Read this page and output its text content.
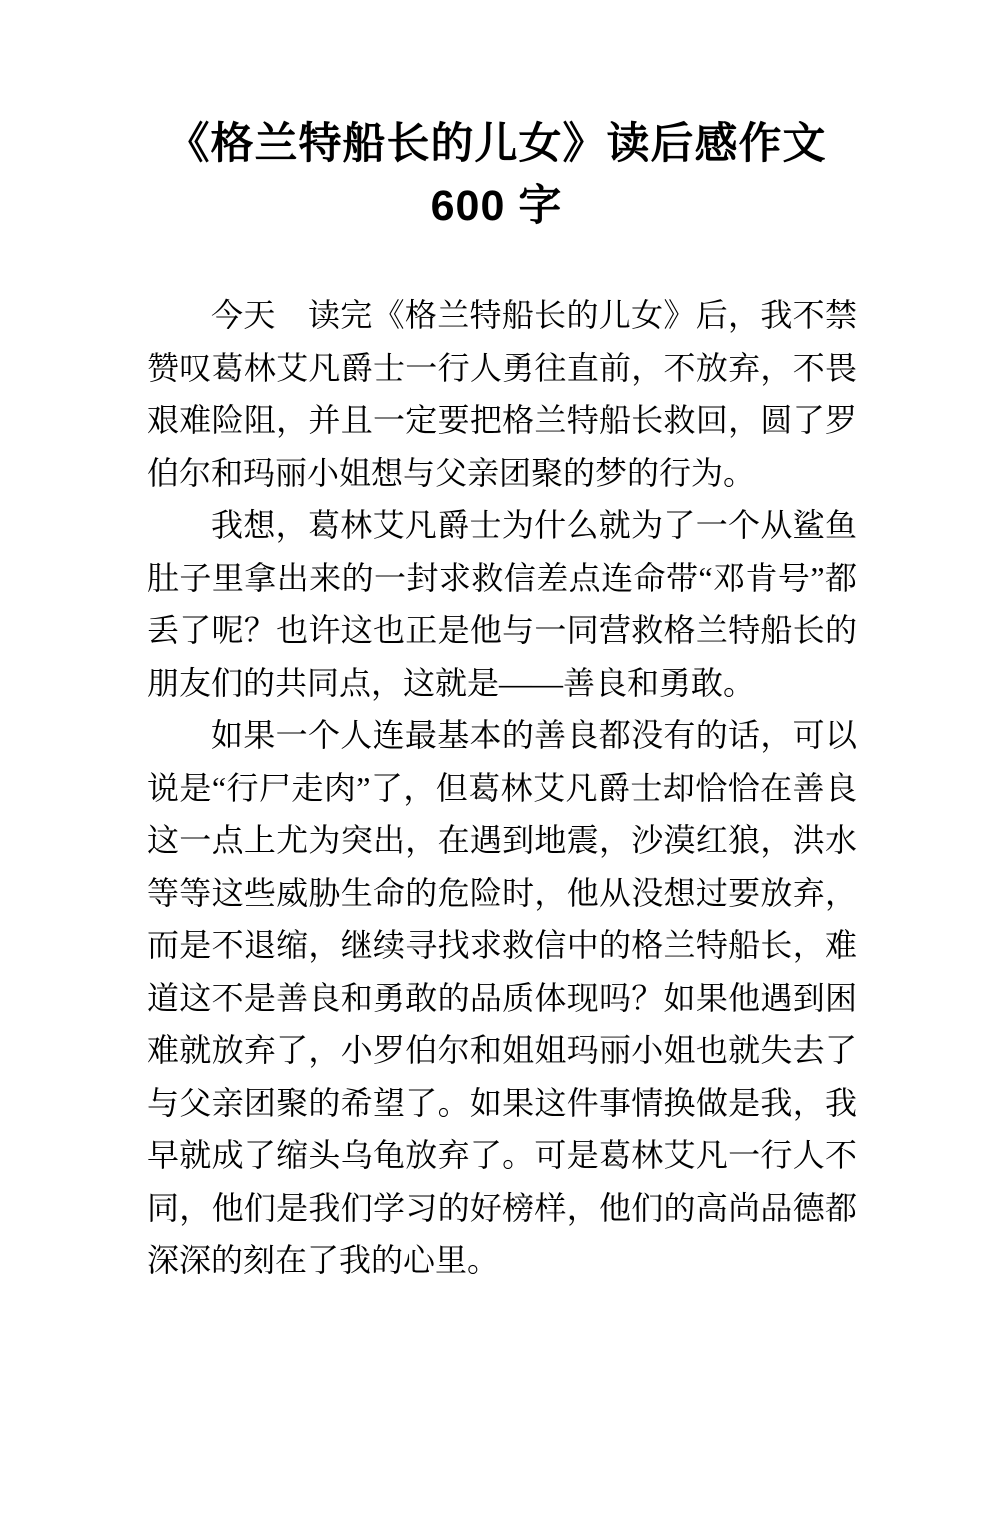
《格兰特船长的儿女》读后感作文
600 字

今天　读完《格兰特船长的儿女》后，我不禁赞叹葛林艾凡爵士一行人勇往直前，不放弃，不畏艰难险阻，并且一定要把格兰特船长救回，圆了罗伯尔和玛丽小姐想与父亲团聚的梦的行为。

我想，葛林艾凡爵士为什么就为了一个从鲨鱼肚子里拿出来的一封求救信差点连命带“邓肯号”都丢了呢？也许这也正是他与一同营救格兰特船长的朋友们的共同点，这就是——善良和勇敢。

如果一个人连最基本的善良都没有的话，可以说是“行尸走肉”了，但葛林艾凡爵士却恰恰在善良这一点上尤为突出，在遇到地震，沙漠红狼，洪水等等这些威胁生命的危险时，他从没想过要放弃，而是不退缩，继续寻找求救信中的格兰特船长，难道这不是善良和勇敢的品质体现吗？如果他遇到困难就放弃了，小罗伯尔和姐姐玛丽小姐也就失去了与父亲团聚的希望了。如果这件事情换做是我，我早就成了缩头乌龟放弃了。可是葛林艾凡一行人不同，他们是我们学习的好榜样，他们的高尚品德都深深的刻在了我的心里。
